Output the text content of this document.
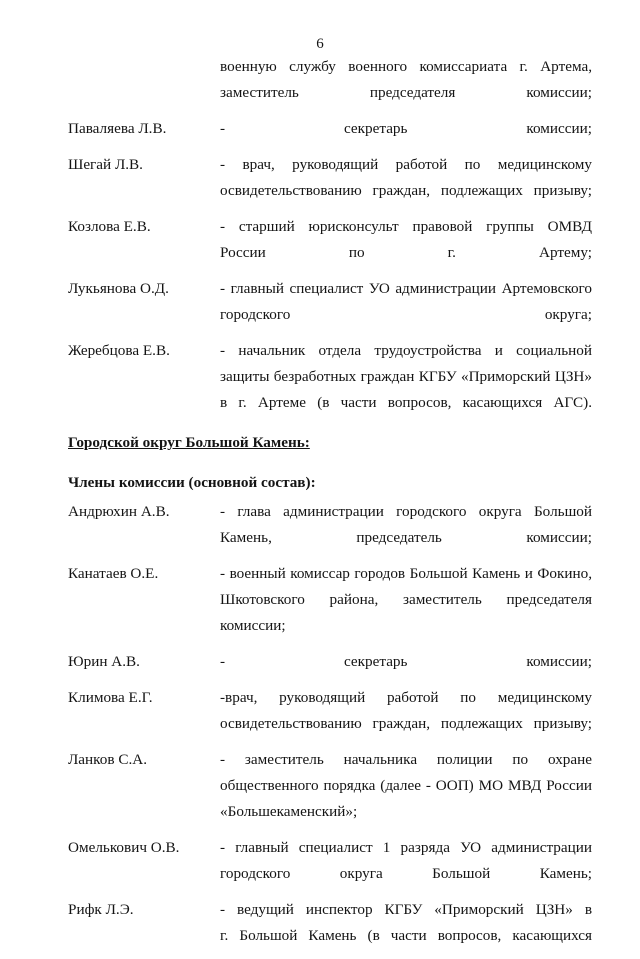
6
военную службу военного комиссариата г. Артема,
заместитель председателя комиссии;
Паваляева Л.В.	- секретарь комиссии;
Шегай Л.В.	- врач, руководящий работой по медицинскому
освидетельствованию граждан, подлежащих призыву;
Козлова Е.В.	- старший юрисконсульт правовой группы ОМВД
России по г. Артему;
Лукьянова О.Д.	- главный специалист УО администрации Артемовского
городского округа;
Жеребцова Е.В.	- начальник отдела трудоустройства и социальной
защиты безработных граждан КГБУ «Приморский ЦЗН»
в г. Артеме (в части вопросов, касающихся АГС).
Городской округ Большой Камень:
Члены комиссии (основной состав):
Андрюхин А.В.	- глава администрации городского округа Большой
Камень, председатель комиссии;
Канатаев О.Е.	- военный комиссар городов Большой Камень и Фокино,
Шкотовского района, заместитель председателя
комиссии;
Юрин А.В.	- секретарь комиссии;
Климова Е.Г.	-врач, руководящий работой по медицинскому
освидетельствованию граждан, подлежащих призыву;
Ланков С.А.	- заместитель начальника полиции по охране
общественного порядка (далее - ООП) МО МВД России
«Большекаменский»;
Омелькович О.В.	- главный специалист 1 разряда УО администрации
городского округа Большой Камень;
Рифк Л.Э.	- ведущий инспектор КГБУ «Приморский ЦЗН» в
г. Большой Камень (в части вопросов, касающихся
